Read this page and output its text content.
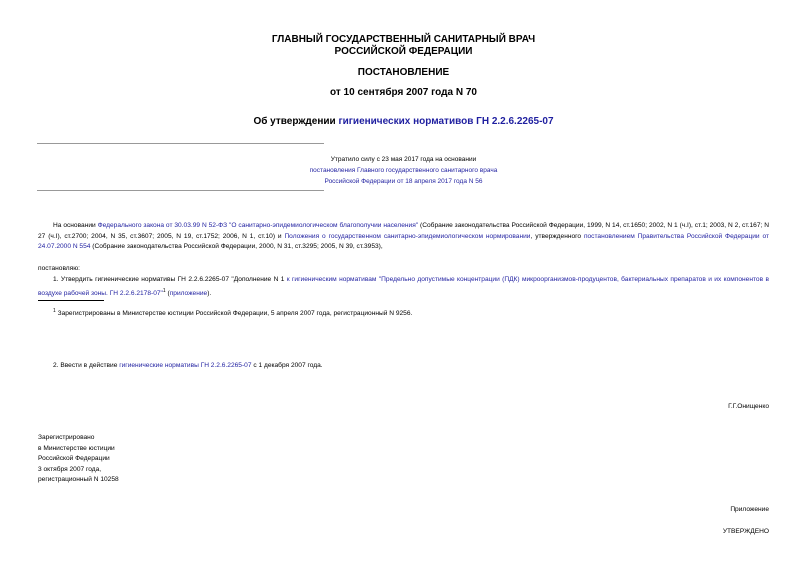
ГЛАВНЫЙ ГОСУДАРСТВЕННЫЙ САНИТАРНЫЙ ВРАЧ
РОССИЙСКОЙ ФЕДЕРАЦИИ
ПОСТАНОВЛЕНИЕ
от 10 сентября 2007 года N 70
Об утверждении гигиенических нормативов ГН 2.2.6.2265-07
Утратило силу с 23 мая 2017 года на основании
постановления Главного государственного санитарного врача
Российской Федерации от 18 апреля 2017 года N 56
На основании Федерального закона от 30.03.99 N 52-ФЗ "О санитарно-эпидемиологическом благополучии населения" (Собрание законодательства Российской Федерации, 1999, N 14, ст.1650; 2002, N 1 (ч.I), ст.1; 2003, N 2, ст.167; N 27 (ч.I), ст.2700; 2004, N 35, ст.3607; 2005, N 19, ст.1752; 2006, N 1, ст.10) и Положения о государственном санитарно-эпидемиологическом нормировании, утвержденного постановлением Правительства Российской Федерации от 24.07.2000 N 554 (Собрание законодательства Российской Федерации, 2000, N 31, ст.3295; 2005, N 39, ст.3953),
постановляю:
1. Утвердить гигиенические нормативы ГН 2.2.6.2265-07 "Дополнение N 1 к гигиеническим нормативам "Предельно допустимые концентрации (ПДК) микроорганизмов-продуцентов, бактериальных препаратов и их компонентов в воздухе рабочей зоны. ГН 2.2.6.2178-07"$^1$ (приложение).
$^1$ Зарегистрированы в Министерстве юстиции Российской Федерации, 5 апреля 2007 года, регистрационный N 9256.
2. Ввести в действие гигиенические нормативы ГН 2.2.6.2265-07 с 1 декабря 2007 года.
Г.Г.Онищенко
Зарегистрировано
в Министерстве юстиции
Российской Федерации
3 октября 2007 года,
регистрационный N 10258
Приложение
УТВЕРЖДЕНО
